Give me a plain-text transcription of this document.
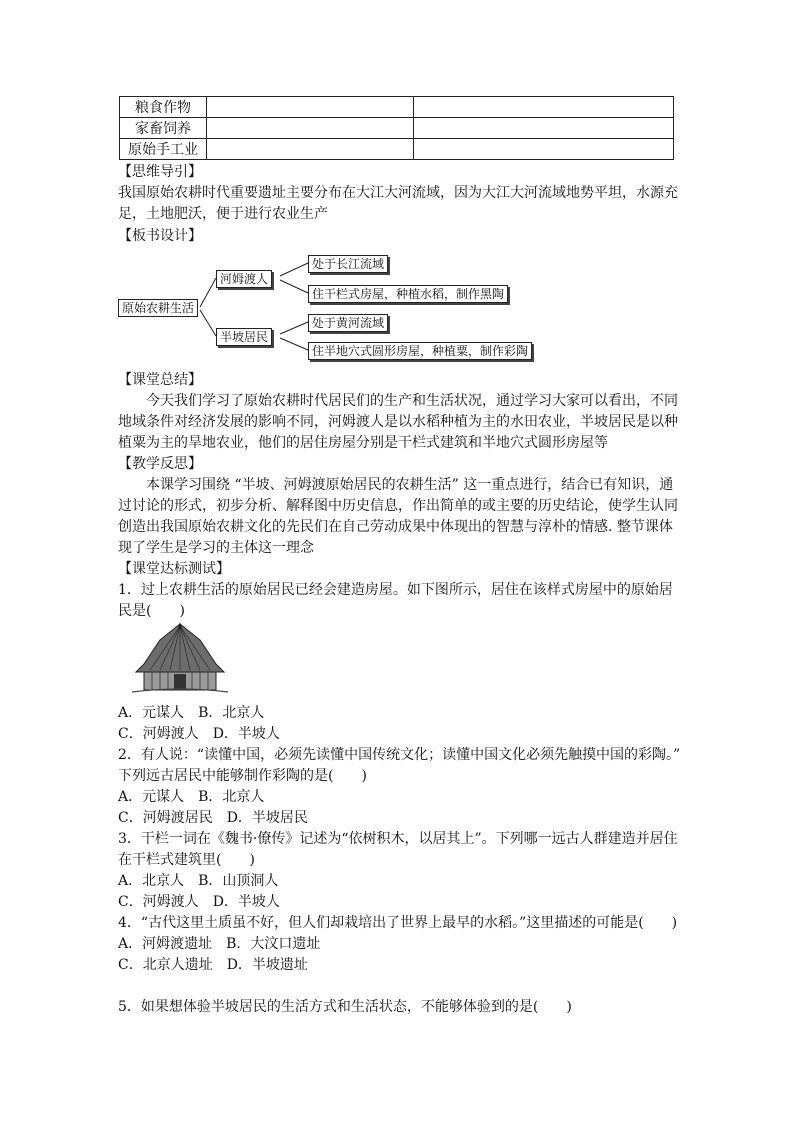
粮食作物		
家畜饲养		
原始手工业		
【思维导引】
我国原始农耕时代重要遗址主要分布在大江大河流域，因为大江大河流域地势平坦，水源充
足，土地肥沃，便于进行农业生产
【板书设计】
原始农耕生活
河姆渡人
半坡居民
处于长江流域
住干栏式房屋，种植水稻，制作黑陶
处于黄河流域
住半地穴式圆形房屋，种植粟，制作彩陶
【课堂总结】
今天我们学习了原始农耕时代居民们的生产和生活状况，通过学习大家可以看出，不同
地域条件对经济发展的影响不同，河姆渡人是以水稻种植为主的水田农业，半坡居民是以种
植粟为主的旱地农业，他们的居住房屋分别是干栏式建筑和半地穴式圆形房屋等
【教学反思】
本课学习围绕 “半坡、河姆渡原始居民的农耕生活” 这一重点进行，结合已有知识，通
过讨论的形式，初步分析、解释图中历史信息，作出简单的或主要的历史结论，使学生认同
创造出我国原始农耕文化的先民们在自己劳动成果中体现出的智慧与淳朴的情感. 整节课体
现了学生是学习的主体这一理念
【课堂达标测试】
1．过上农耕生活的原始居民已经会建造房屋。如下图所示，居住在该样式房屋中的原始居
民是(　　)
A．元谋人　B．北京人
C．河姆渡人　D．半坡人
2．有人说：“读懂中国，必须先读懂中国传统文化；读懂中国文化必须先触摸中国的彩陶。”
下列远古居民中能够制作彩陶的是(　　)
A．元谋人　B．北京人
C．河姆渡居民　D．半坡居民
3．干栏一词在《魏书·僚传》记述为“依树积木，以居其上”。下列哪一远古人群建造并居住
在干栏式建筑里(　　)
A．北京人　B．山顶洞人
C．河姆渡人　D．半坡人
4．“古代这里土质虽不好，但人们却栽培出了世界上最早的水稻。”这里描述的可能是(　　)
A．河姆渡遗址　B．大汶口遗址
C．北京人遗址　D．半坡遗址
5．如果想体验半坡居民的生活方式和生活状态，不能够体验到的是(　　)
